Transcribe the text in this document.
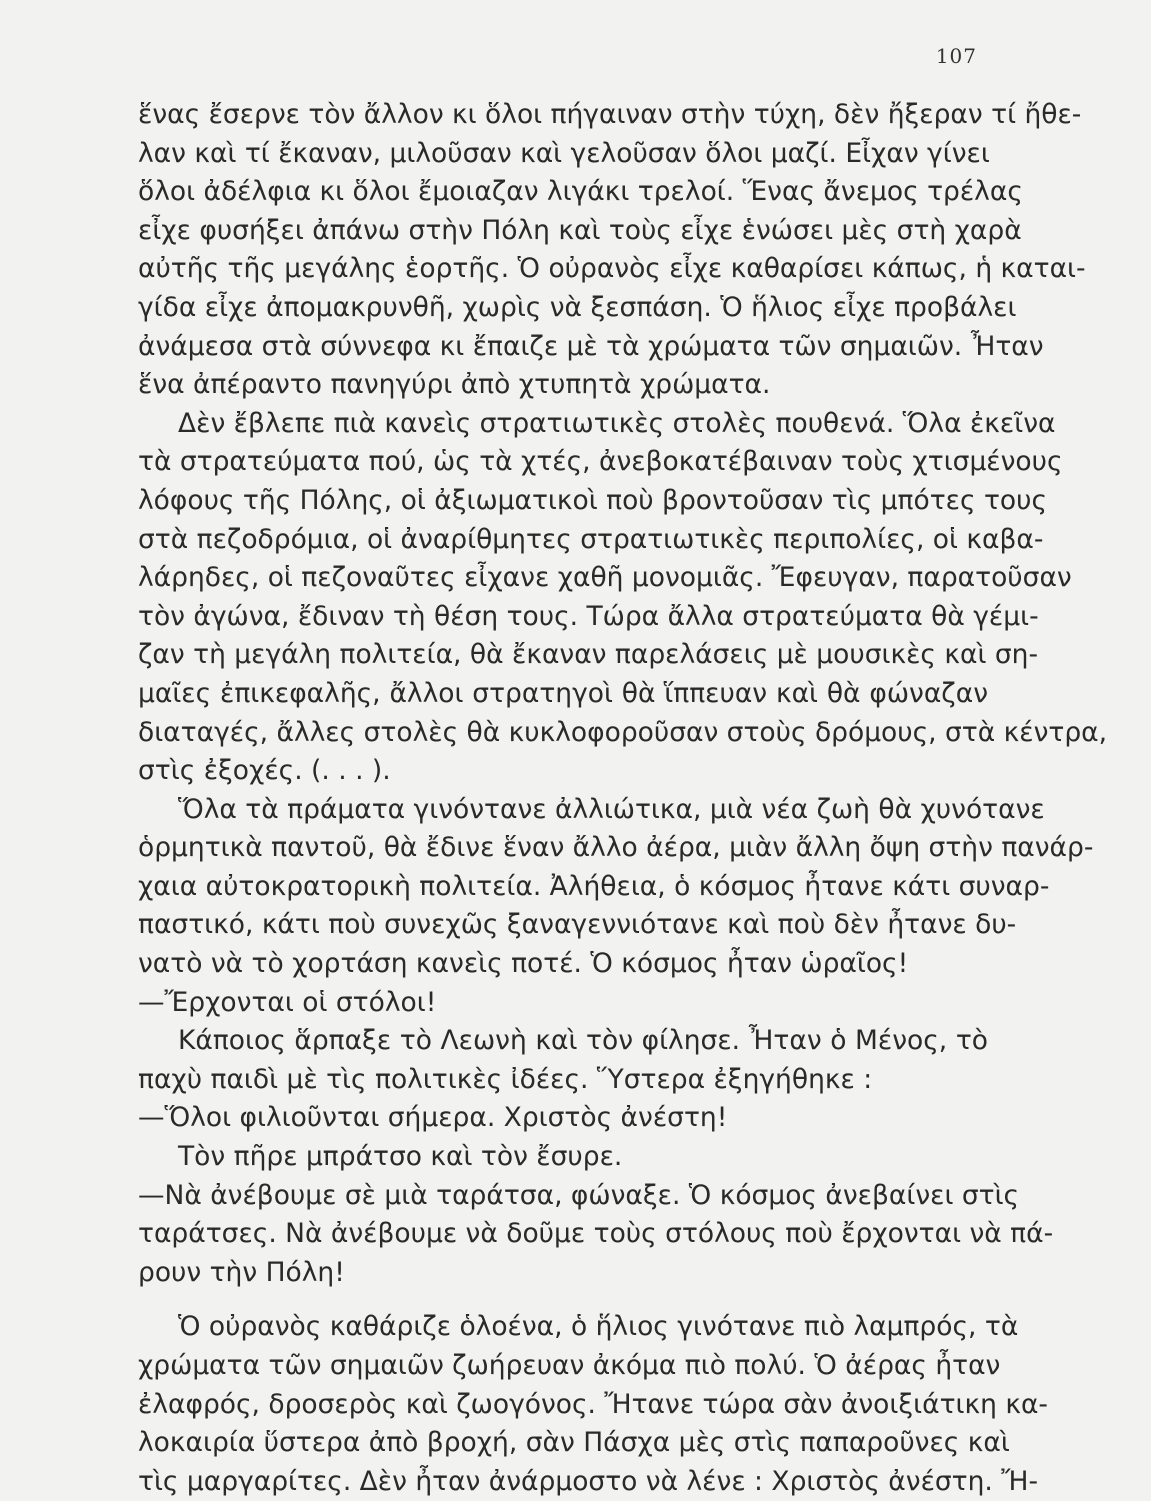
107
ἕνας ἔσερνε τὸν ἄλλον κι ὅλοι πήγαιναν στὴν τύχη, δὲν ἤξεραν τί ἤθε-
λαν καὶ τί ἔκαναν, μιλοῦσαν καὶ γελοῦσαν ὅλοι μαζί. Εἶχαν γίνει
ὅλοι ἀδέλφια κι ὅλοι ἔμοιαζαν λιγάκι τρελοί. Ἕνας ἄνεμος τρέλας
εἶχε φυσήξει ἀπάνω στὴν Πόλη καὶ τοὺς εἶχε ἑνώσει μὲς στὴ χαρὰ
αὐτῆς τῆς μεγάλης ἑορτῆς. Ὁ οὐρανὸς εἶχε καθαρίσει κάπως, ἡ καται-
γίδα εἶχε ἀπομακρυνθῆ, χωρὶς νὰ ξεσπάση. Ὁ ἥλιος εἶχε προβάλει
ἀνάμεσα στὰ σύννεφα κι ἔπαιζε μὲ τὰ χρώματα τῶν σημαιῶν. Ἦταν
ἕνα ἀπέραντο πανηγύρι ἀπὸ χτυπητὰ χρώματα.
Δὲν ἔβλεπε πιὰ κανεὶς στρατιωτικὲς στολὲς πουθενά. Ὅλα ἐκεῖνα
τὰ στρατεύματα πού, ὡς τὰ χτές, ἀνεβοκατέβαιναν τοὺς χτισμένους
λόφους τῆς Πόλης, οἱ ἀξιωματικοὶ ποὺ βροντοῦσαν τὶς μπότες τους
στὰ πεζοδρόμια, οἱ ἀναρίθμητες στρατιωτικὲς περιπολίες, οἱ καβα-
λάρηδες, οἱ πεζοναῦτες εἶχανε χαθῆ μονομιᾶς. Ἔφευγαν, παρατοῦσαν
τὸν ἀγώνα, ἔδιναν τὴ θέση τους. Τώρα ἄλλα στρατεύματα θὰ γέμι-
ζαν τὴ μεγάλη πολιτεία, θὰ ἔκαναν παρελάσεις μὲ μουσικὲς καὶ ση-
μαῖες ἐπικεφαλῆς, ἄλλοι στρατηγοὶ θὰ ἵππευαν καὶ θὰ φώναζαν
διαταγές, ἄλλες στολὲς θὰ κυκλοφοροῦσαν στοὺς δρόμους, στὰ κέντρα,
στὶς ἐξοχές. (. . . ).
Ὅλα τὰ πράματα γινόντανε ἀλλιώτικα, μιὰ νέα ζωὴ θὰ χυνότανε
ὁρμητικὰ παντοῦ, θὰ ἔδινε ἕναν ἄλλο ἀέρα, μιὰν ἄλλη ὄψη στὴν πανάρ-
χαια αὐτοκρατορικὴ πολιτεία. Ἀλήθεια, ὁ κόσμος ἦτανε κάτι συναρ-
παστικό, κάτι ποὺ συνεχῶς ξαναγεννιότανε καὶ ποὺ δὲν ἦτανε δυ-
νατὸ νὰ τὸ χορτάση κανεὶς ποτέ. Ὁ κόσμος ἦταν ὡραῖος!
—Ἔρχονται οἱ στόλοι!
Κάποιος ἅρπαξε τὸ Λεωνὴ καὶ τὸν φίλησε. Ἦταν ὁ Μένος, τὸ
παχὺ παιδὶ μὲ τὶς πολιτικὲς ἰδέες. Ὕστερα ἐξηγήθηκε :
—Ὅλοι φιλιοῦνται σήμερα. Χριστὸς ἀνέστη!
Τὸν πῆρε μπράτσο καὶ τὸν ἔσυρε.
—Νὰ ἀνέβουμε σὲ μιὰ ταράτσα, φώναξε. Ὁ κόσμος ἀνεβαίνει στὶς
ταράτσες. Νὰ ἀνέβουμε νὰ δοῦμε τοὺς στόλους ποὺ ἔρχονται νὰ πά-
ρουν τὴν Πόλη!
Ὁ οὐρανὸς καθάριζε ὁλοένα, ὁ ἥλιος γινότανε πιὸ λαμπρός, τὰ
χρώματα τῶν σημαιῶν ζωήρευαν ἀκόμα πιὸ πολύ. Ὁ ἀέρας ἦταν
ἐλαφρός, δροσερὸς καὶ ζωογόνος. Ἤτανε τώρα σὰν ἀνοιξιάτικη κα-
λοκαιρία ὕστερα ἀπὸ βροχή, σὰν Πάσχα μὲς στὶς παπαροῦνες καὶ
τὶς μαργαρίτες. Δὲν ἦταν ἀνάρμοστο νὰ λένε : Χριστὸς ἀνέστη. Ἤ-
